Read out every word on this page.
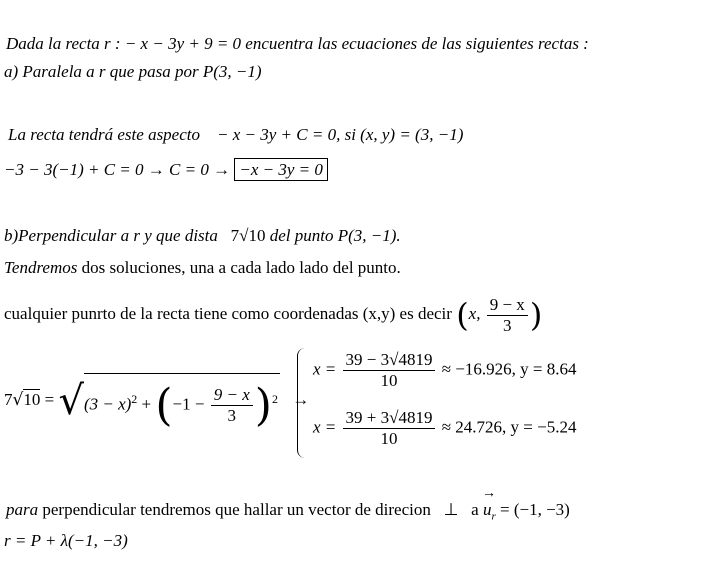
Dada la recta r : − x − 3y + 9 = 0 encuentra las ecuaciones de las siguientes rectas :
a) Paralela a r que pasa por P(3, −1)
La recta tendrá este aspecto − x − 3y + C = 0, si (x, y) = (3, −1)
−3 − 3(−1) + C = 0 → C = 0 → −x − 3y = 0
b)Perpendicular a r y que dista 7√10 del punto P(3, −1).
Tendremos dos soluciones, una a cada lado lado del punto.
cualquier punrto de la recta tiene como coordenadas (x,y) es decir (x, $\frac{9 - x}{3}$ )
$7√10 = √(3 - x)^2 + (-1 - \frac{9 - x}{3} )^2$ →
$x = \frac{39 - 3√4819}{10} \approx -16.926$, y = 8.64
$x = \frac{39 + 3√4819}{10} \approx 24.726$, y = −5.24
para perpendicular tendremos que hallar un vector de direcion ⊥ $a \to u_r = (-1$, −3)
r = P + λ(−1, −3)
